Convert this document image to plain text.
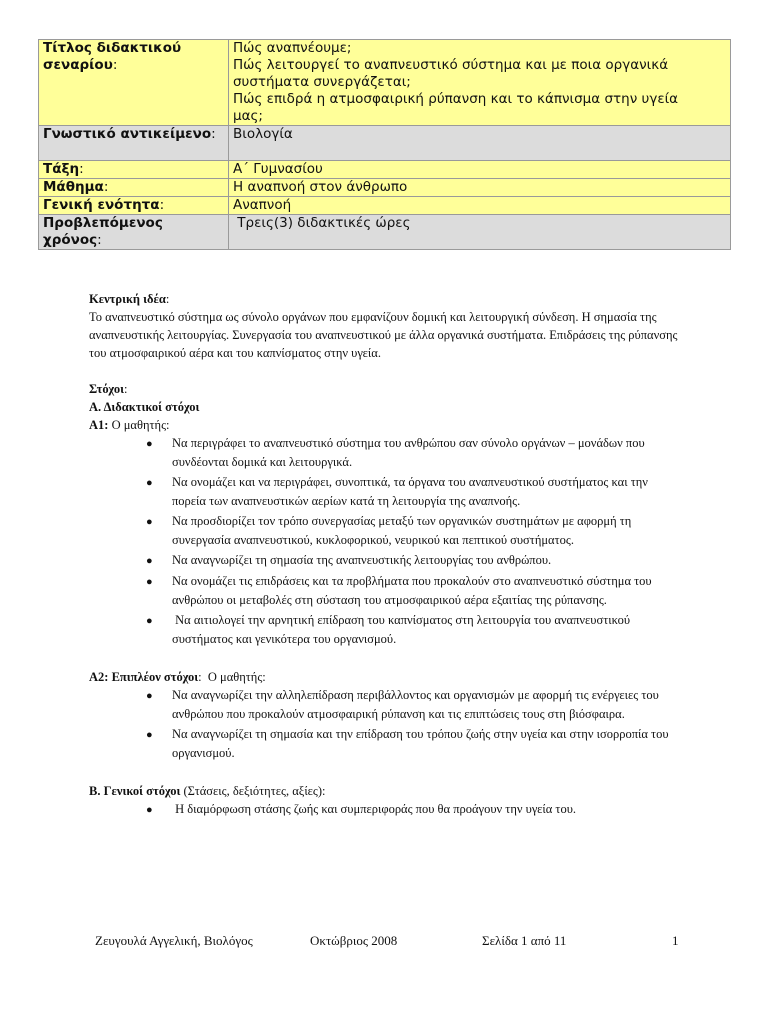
Τίτλος διδακτικού σεναρίου:	Πώς αναπνέουμε;
Πώς λειτουργεί το αναπνευστικό σύστημα και με ποια οργανικά
συστήματα συνεργάζεται;
Πώς επιδρά η ατμοσφαιρική ρύπανση και το κάπνισμα στην υγεία
μας;

Γνωστικό αντικείμενο:	Βιολογία

Τάξη:	Α΄ Γυμνασίου

Μάθημα:	Η αναπνοή στον άνθρωπο

Γενική ενότητα:	Αναπνοή

Προβλεπόμενος χρόνος:	Τρεις(3) διδακτικές ώρες

Κεντρική ιδέα:

Το αναπνευστικό σύστημα ως σύνολο οργάνων που εμφανίζουν δομική και λειτουργική σύνδεση. Η σημασία της αναπνευστικής λειτουργίας. Συνεργασία του αναπνευστικού με άλλα οργανικά συστήματα. Επιδράσεις της ρύπανσης του ατμοσφαιρικού αέρα και του καπνίσματος στην υγεία.

Στόχοι:

Α. Διδακτικοί στόχοι

Α1: Ο μαθητής:

● Να περιγράφει το αναπνευστικό σύστημα του ανθρώπου σαν σύνολο οργάνων – μονάδων που συνδέονται δομικά και λειτουργικά.
● Να ονομάζει και να περιγράφει, συνοπτικά, τα όργανα του αναπνευστικού συστήματος και την πορεία των αναπνευστικών αερίων κατά τη λειτουργία της αναπνοής.
● Να προσδιορίζει τον τρόπο συνεργασίας μεταξύ των οργανικών συστημάτων με αφορμή τη συνεργασία αναπνευστικού, κυκλοφορικού, νευρικού και πεπτικού συστήματος.
● Να αναγνωρίζει τη σημασία της αναπνευστικής λειτουργίας του ανθρώπου.
● Να ονομάζει τις επιδράσεις και τα προβλήματα που προκαλούν στο αναπνευστικό σύστημα του ανθρώπου οι μεταβολές στη σύσταση του ατμοσφαιρικού αέρα εξαιτίας της ρύπανσης.
● Να αιτιολογεί την αρνητική επίδραση του καπνίσματος στη λειτουργία του αναπνευστικού συστήματος και γενικότερα του οργανισμού.

Α2: Επιπλέον στόχοι:  Ο μαθητής:

● Να αναγνωρίζει την αλληλεπίδραση περιβάλλοντος και οργανισμών με αφορμή τις ενέργειες του ανθρώπου που προκαλούν ατμοσφαιρική ρύπανση και τις επιπτώσεις τους στη βιόσφαιρα.
● Να αναγνωρίζει τη σημασία και την επίδραση του τρόπου ζωής στην υγεία και στην ισορροπία του οργανισμού.

Β. Γενικοί στόχοι (Στάσεις, δεξιότητες, αξίες):

● Η διαμόρφωση στάσης ζωής και συμπεριφοράς που θα προάγουν την υγεία του.
Ζευγουλά Αγγελική, Βιολόγος	Οκτώβριος 2008	Σελίδα 1 από 11	1
